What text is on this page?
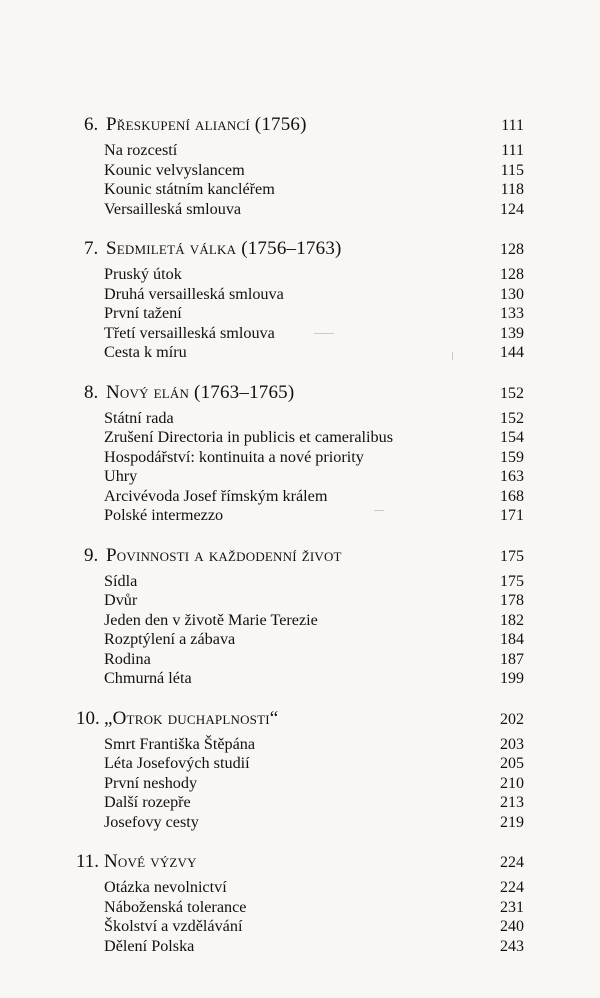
6. Přeskupení aliancí (1756)	111
Na rozcestí	111
Kounic velvyslancem	115
Kounic státním kancléřem	118
Versailleská smlouva	124
7. Sedmiletá válka (1756–1763)	128
Pruský útok	128
Druhá versailleská smlouva	130
První tažení	133
Třetí versailleská smlouva	139
Cesta k míru	144
8. Nový elán (1763–1765)	152
Státní rada	152
Zrušení Directoria in publicis et cameralibus	154
Hospodářství: kontinuita a nové priority	159
Uhry	163
Arcivévoda Josef římským králem	168
Polské intermezzo	171
9. Povinnosti a každodenní život	175
Sídla	175
Dvůr	178
Jeden den v životě Marie Terezie	182
Rozptýlení a zábava	184
Rodina	187
Chmurná léta	199
10. „Otrok duchaplnosti“	202
Smrt Františka Štěpána	203
Léta Josefových studií	205
První neshody	210
Další rozepře	213
Josefovy cesty	219
11. Nové výzvy	224
Otázka nevolnictví	224
Náboženská tolerance	231
Školství a vzdělávání	240
Dělení Polska	243
